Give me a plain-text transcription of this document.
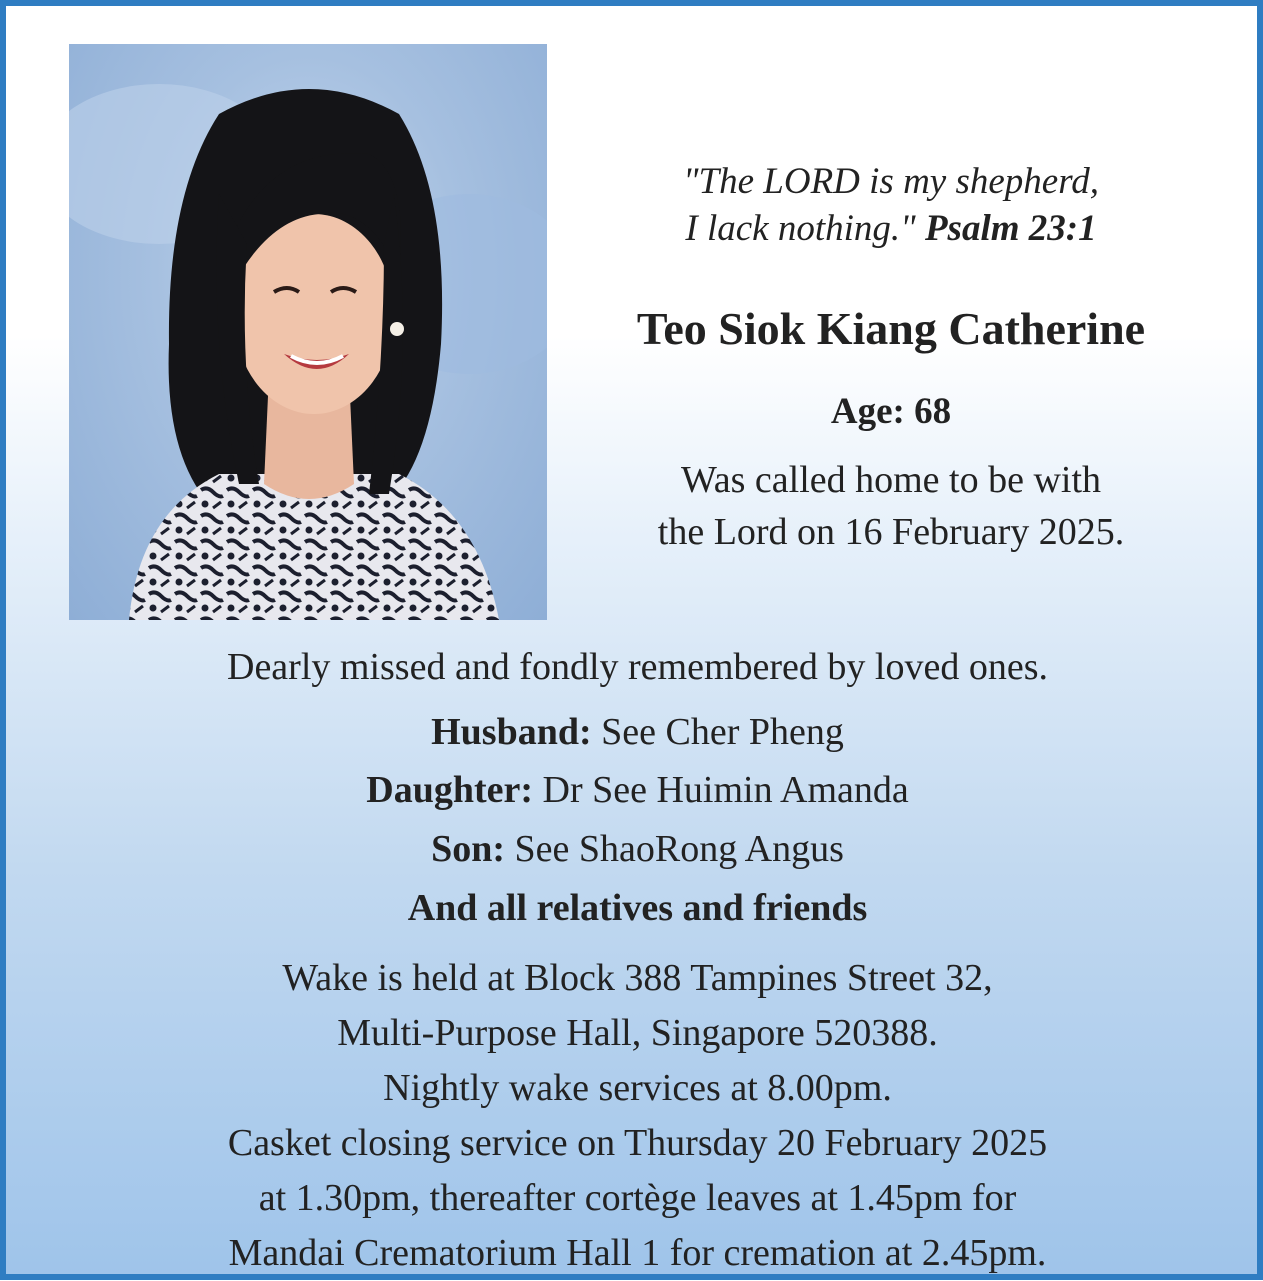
"The LORD is my shepherd,
I lack nothing." Psalm 23:1
Teo Siok Kiang Catherine
Age: 68
Was called home to be with
the Lord on 16 February 2025.
Dearly missed and fondly remembered by loved ones.
Husband: See Cher Pheng
Daughter: Dr See Huimin Amanda
Son: See ShaoRong Angus
And all relatives and friends
Wake is held at Block 388 Tampines Street 32,
Multi-Purpose Hall, Singapore 520388.
Nightly wake services at 8.00pm.
Casket closing service on Thursday 20 February 2025
at 1.30pm, thereafter cortège leaves at 1.45pm for
Mandai Crematorium Hall 1 for cremation at 2.45pm.
